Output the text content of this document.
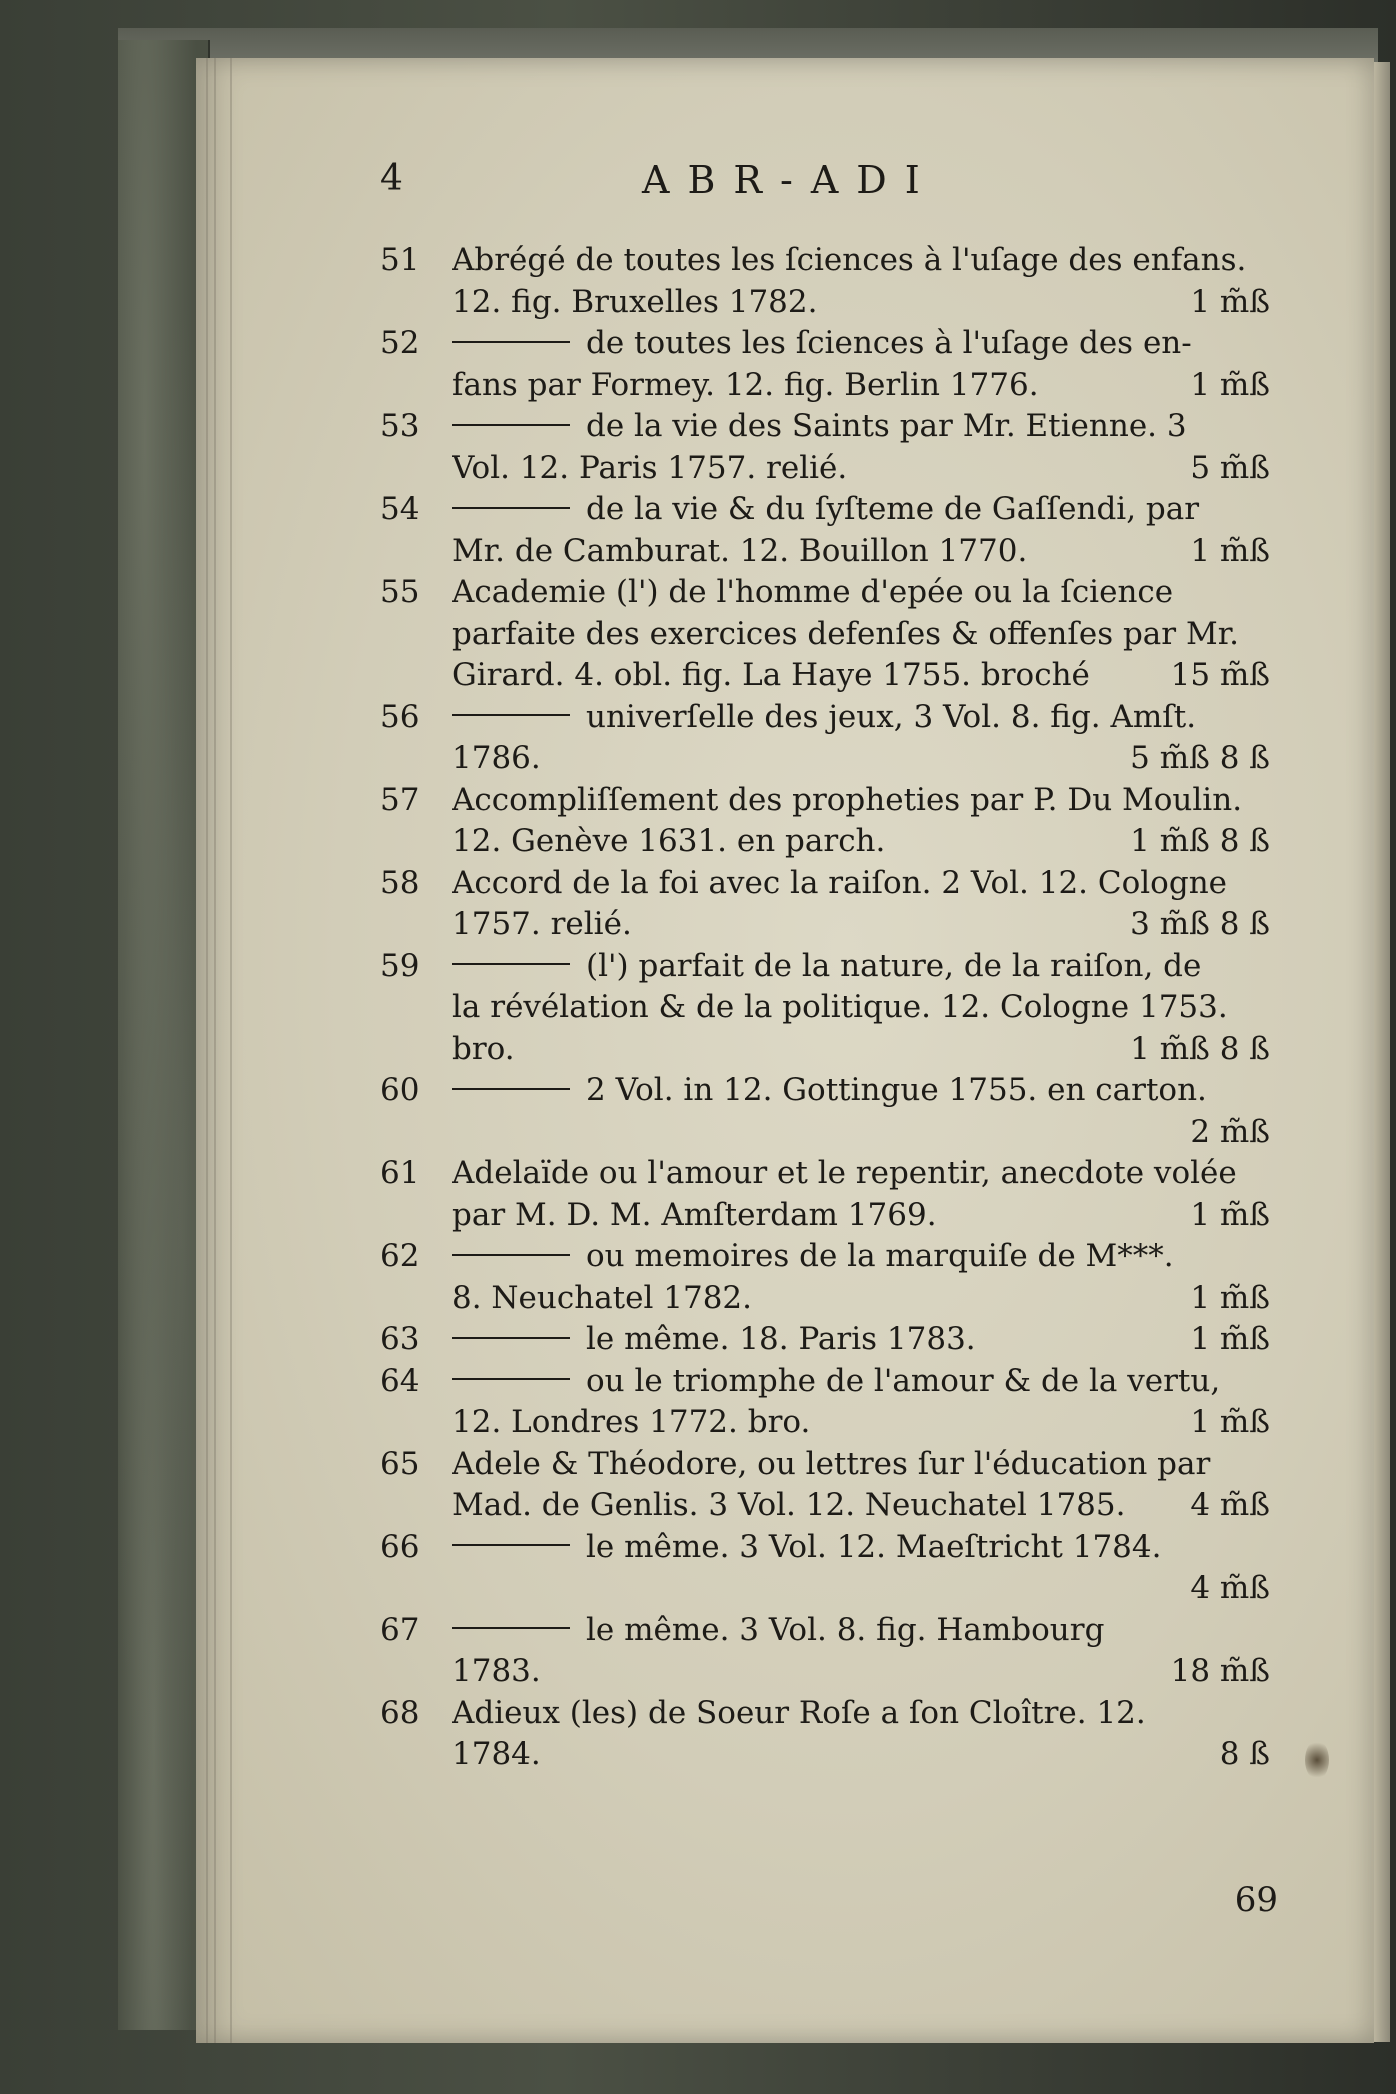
4	ABR-ADI
51	Abrégé de toutes les ſciences à l'uſage des enfans.
12. fig. Bruxelles 1782.	1 m̃ß
52	de toutes les ſciences à l'uſage des en-
fans par Formey. 12. fig. Berlin 1776.	1 m̃ß
53	de la vie des Saints par Mr. Etienne. 3
Vol. 12. Paris 1757. relié.	5 m̃ß
54	de la vie & du ſyſteme de Gaſſendi, par
Mr. de Camburat. 12. Bouillon 1770.	1 m̃ß
55	Academie (l') de l'homme d'epée ou la ſcience
parfaite des exercices defenſes & offenſes par Mr.
Girard. 4. obl. fig. La Haye 1755. broché	15 m̃ß
56	univerſelle des jeux, 3 Vol. 8. fig. Amſt.
1786.	5 m̃ß 8 ß
57	Accompliſſement des propheties par P. Du Moulin.
12. Genève 1631. en parch.	1 m̃ß 8 ß
58	Accord de la foi avec la raiſon. 2 Vol. 12. Cologne
1757. relié.	3 m̃ß 8 ß
59	(l') parfait de la nature, de la raiſon, de
la révélation & de la politique. 12. Cologne 1753.
bro.	1 m̃ß 8 ß
60	2 Vol. in 12. Gottingue 1755. en carton.
2 m̃ß
61	Adelaïde ou l'amour et le repentir, anecdote volée
par M. D. M. Amſterdam 1769.	1 m̃ß
62	ou memoires de la marquiſe de M***.
8. Neuchatel 1782.	1 m̃ß
63	le même. 18. Paris 1783.	1 m̃ß
64	ou le triomphe de l'amour & de la vertu,
12. Londres 1772. bro.	1 m̃ß
65	Adele & Théodore, ou lettres ſur l'éducation par
Mad. de Genlis. 3 Vol. 12. Neuchatel 1785.	4 m̃ß
66	le même. 3 Vol. 12. Maeſtricht 1784.
4 m̃ß
67	le même. 3 Vol. 8. fig. Hambourg
1783.	18 m̃ß
68	Adieux (les) de Soeur Roſe a ſon Cloître. 12.
1784.	8 ß
69
